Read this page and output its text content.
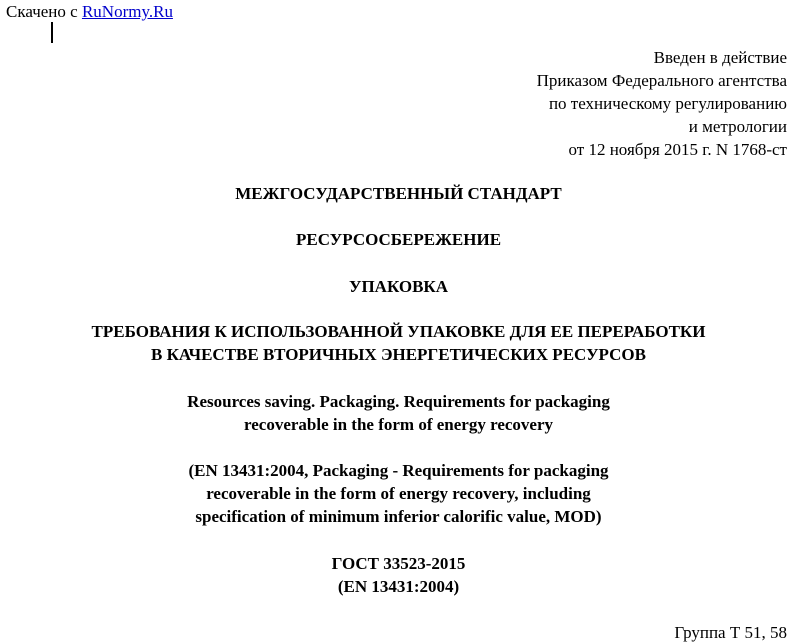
Скачено с RuNormy.Ru
Введен в действие
Приказом Федерального агентства
по техническому регулированию
и метрологии
от 12 ноября 2015 г. N 1768-ст
МЕЖГОСУДАРСТВЕННЫЙ СТАНДАРТ
РЕСУРСОСБЕРЕЖЕНИЕ
УПАКОВКА
ТРЕБОВАНИЯ К ИСПОЛЬЗОВАННОЙ УПАКОВКЕ ДЛЯ ЕЕ ПЕРЕРАБОТКИ
В КАЧЕСТВЕ ВТОРИЧНЫХ ЭНЕРГЕТИЧЕСКИХ РЕСУРСОВ
Resources saving. Packaging. Requirements for packaging
recoverable in the form of energy recovery
(EN 13431:2004, Packaging - Requirements for packaging
recoverable in the form of energy recovery, including
specification of minimum inferior calorific value, MOD)
ГОСТ 33523-2015
(EN 13431:2004)
Группа Т 51, 58
